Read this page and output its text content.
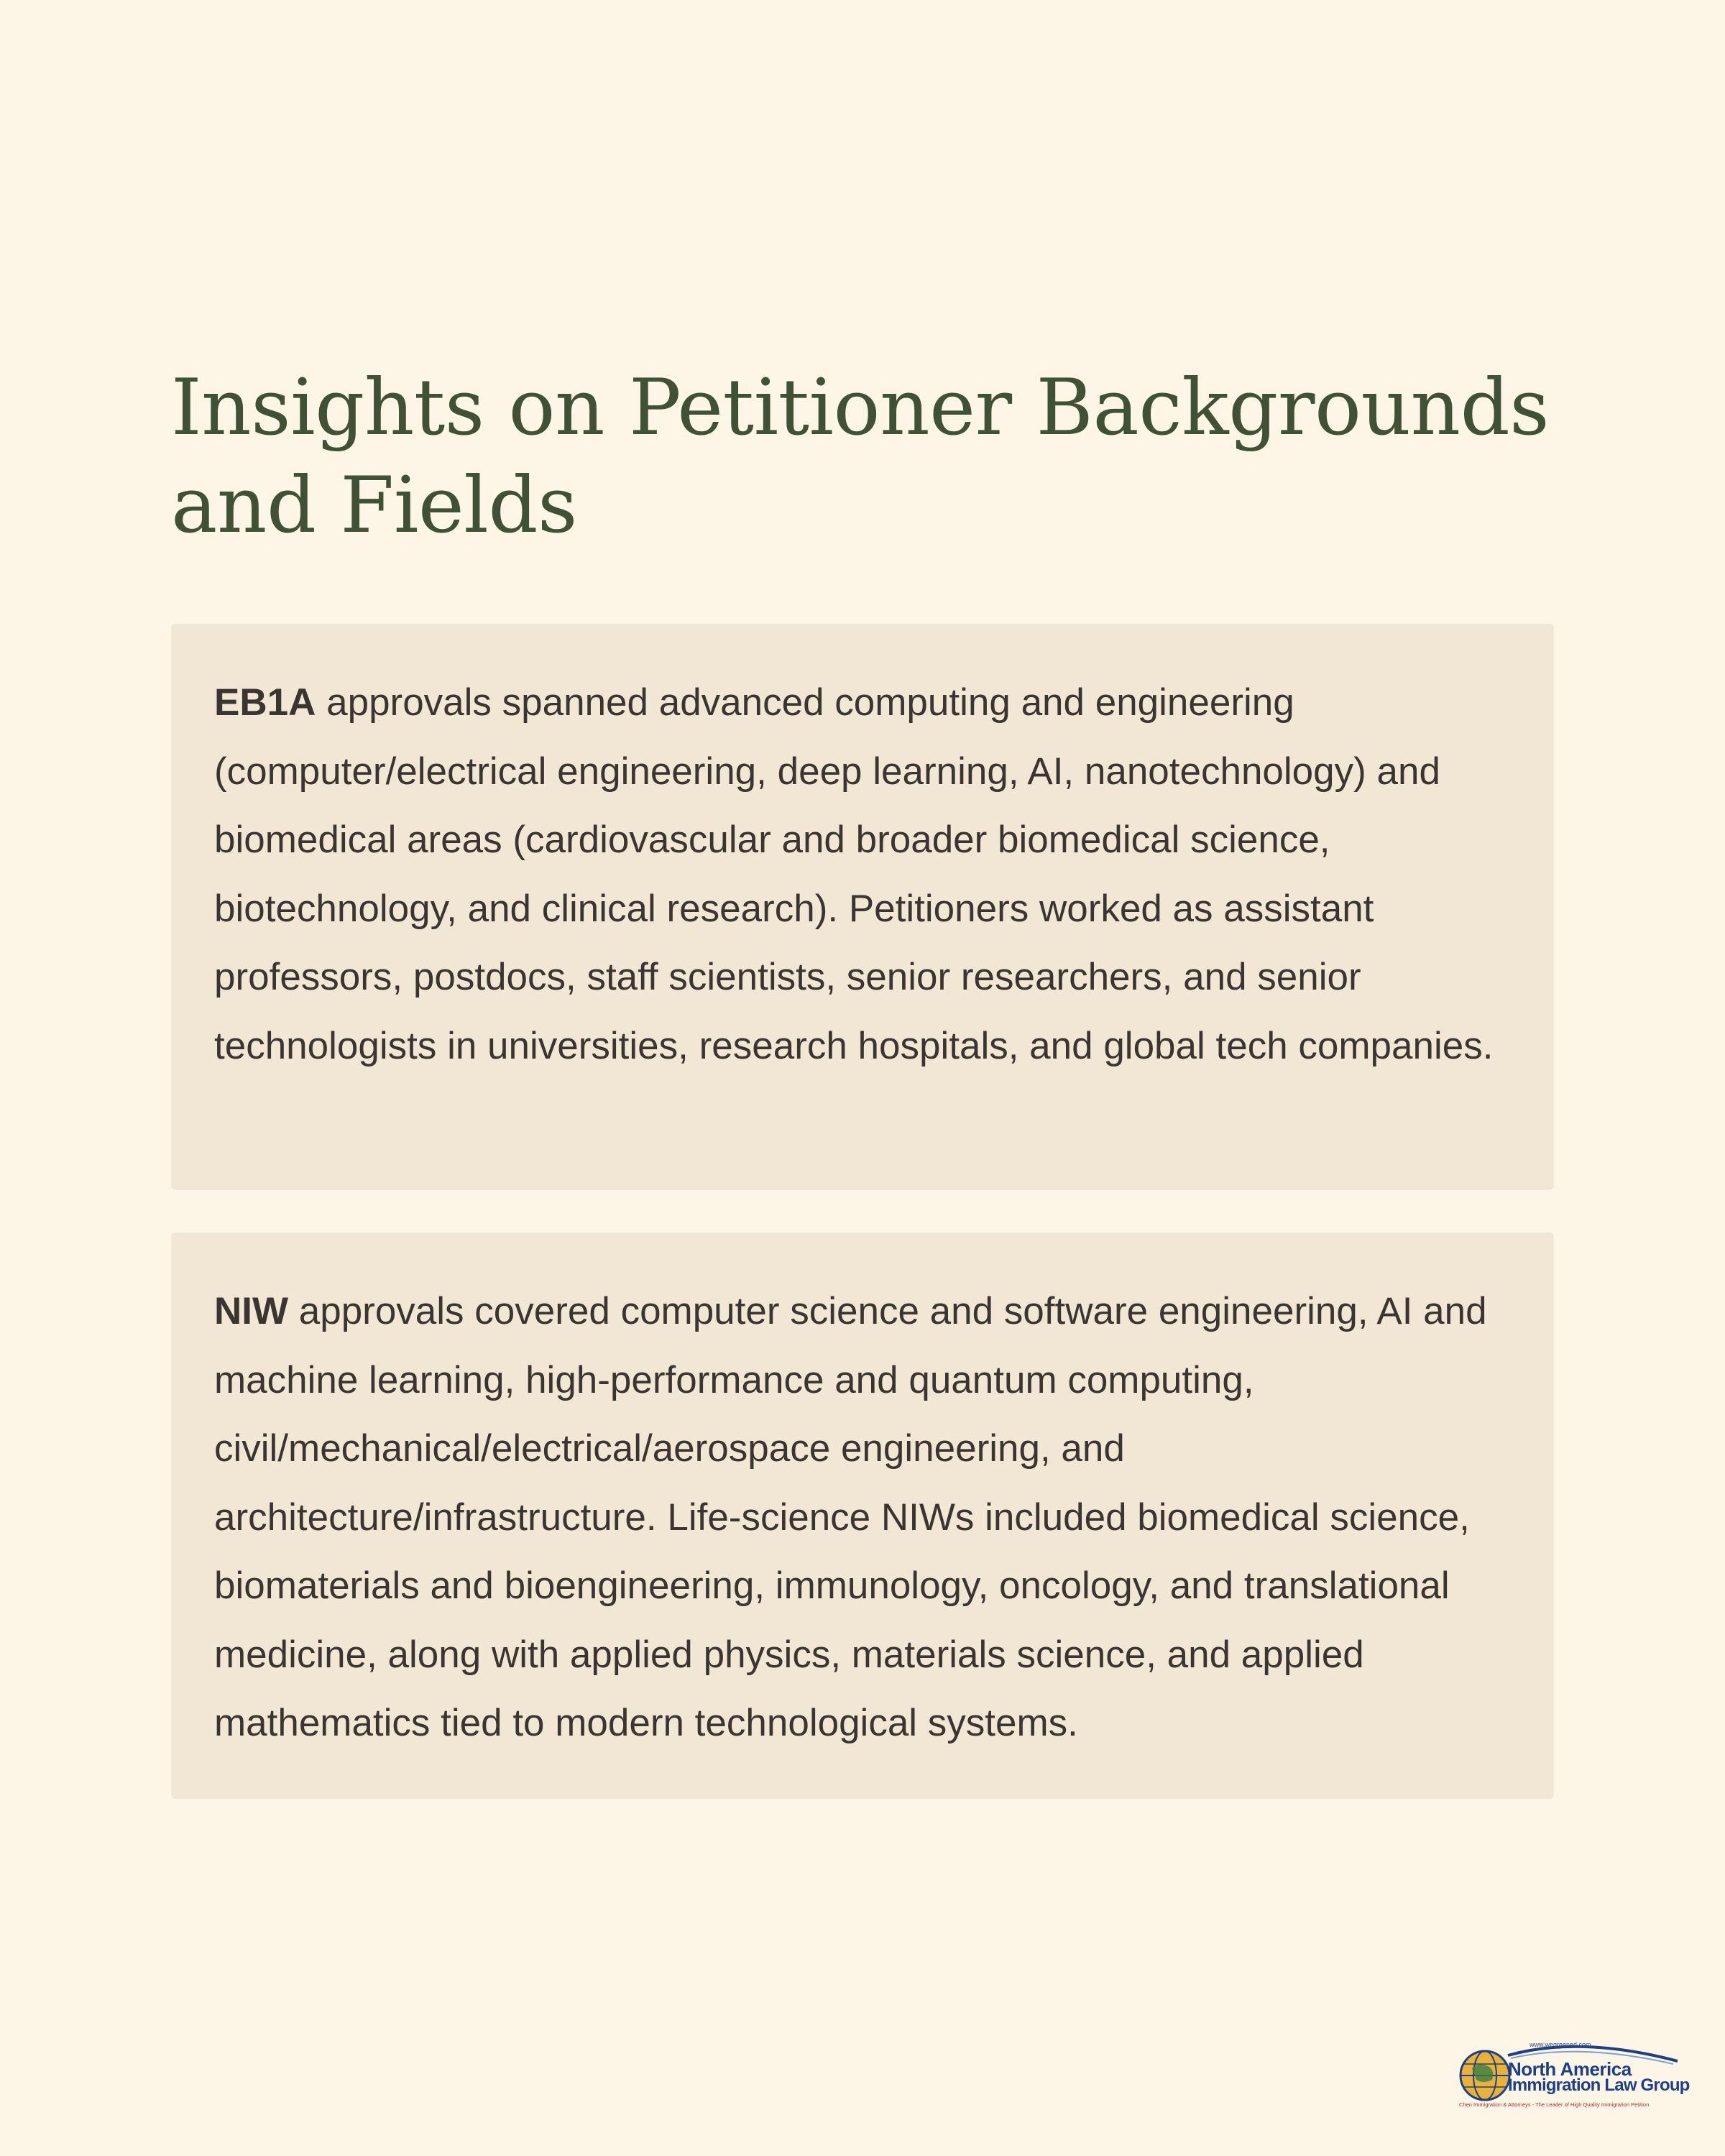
Insights on Petitioner Backgrounds and Fields

EB1A approvals spanned advanced computing and engineering (computer/electrical engineering, deep learning, AI, nanotechnology) and biomedical areas (cardiovascular and broader biomedical science, biotechnology, and clinical research). Petitioners worked as assistant professors, postdocs, staff scientists, senior researchers, and senior technologists in universities, research hospitals, and global tech companies.

NIW approvals covered computer science and software engineering, AI and machine learning, high-performance and quantum computing, civil/mechanical/electrical/aerospace engineering, and architecture/infrastructure. Life-science NIWs included biomedical science, biomaterials and bioengineering, immunology, oncology, and translational medicine, along with applied physics, materials science, and applied mathematics tied to modern technological systems.

www.wegreened.com
North America
Immigration Law Group
Chen Immigration & Attorneys - The Leader of High Quality Immigration Petition
